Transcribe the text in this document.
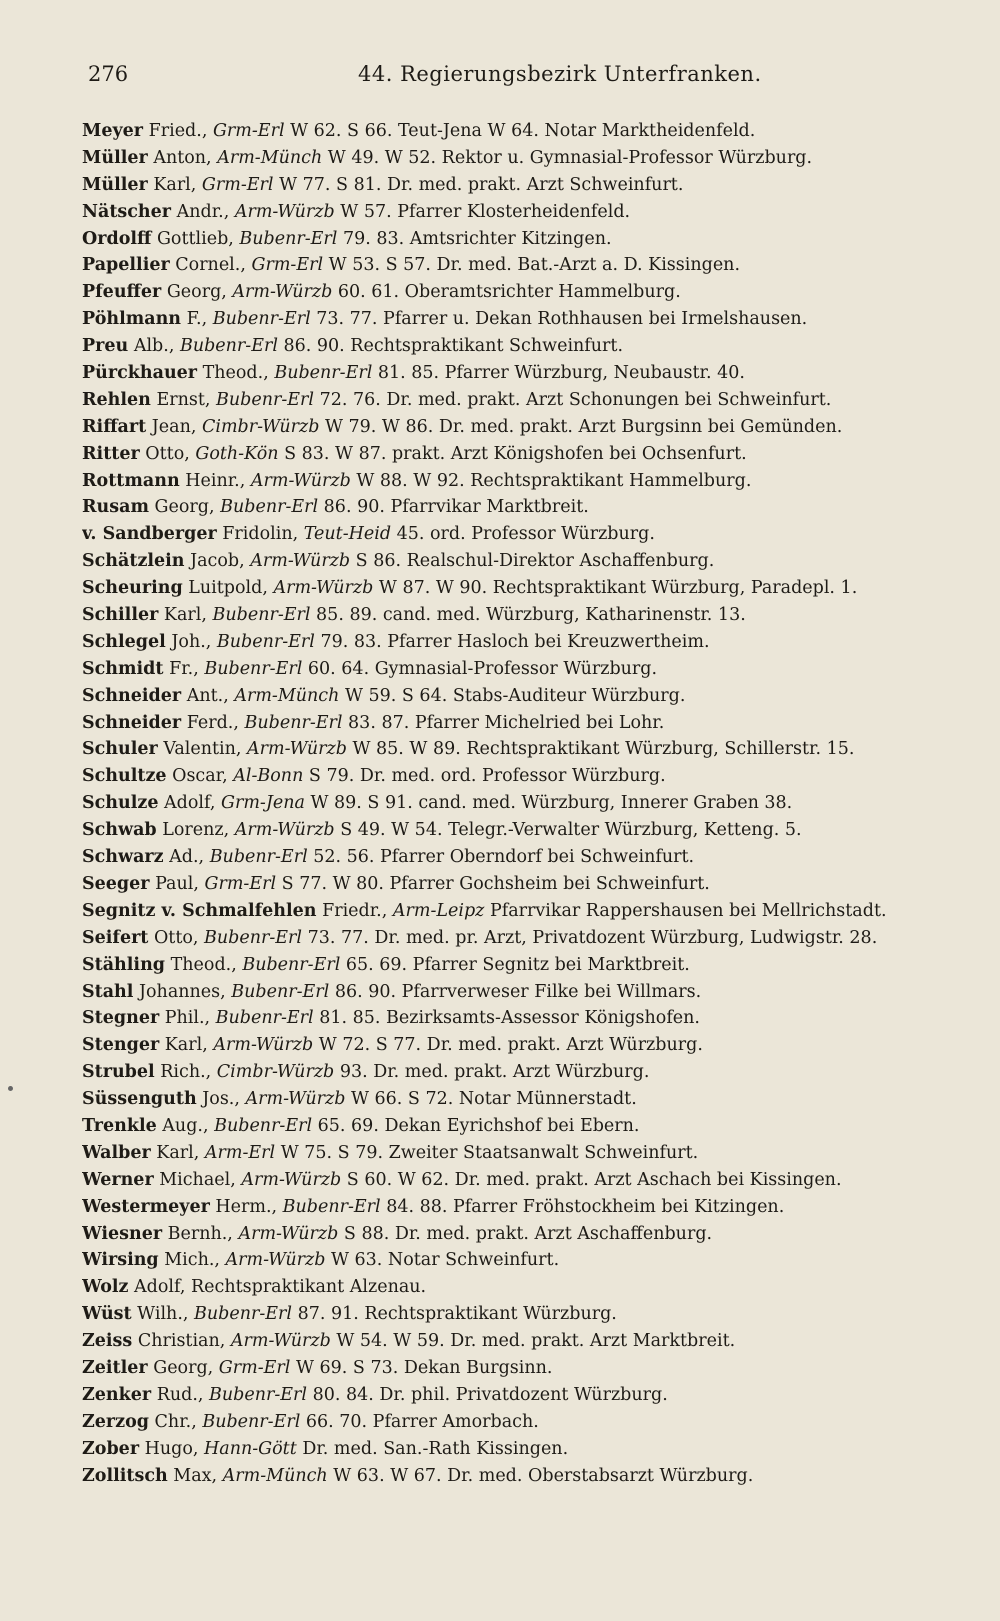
276	44. Regierungsbezirk Unterfranken.
Meyer Fried., Grm-Erl W 62. S 66. Teut-Jena W 64. Notar Marktheidenfeld.
Müller Anton, Arm-Münch W 49. W 52. Rektor u. Gymnasial-Professor Würzburg.
Müller Karl, Grm-Erl W 77. S 81. Dr. med. prakt. Arzt Schweinfurt.
Nätscher Andr., Arm-Würzb W 57. Pfarrer Klosterheidenfeld.
Ordolff Gottlieb, Bubenr-Erl 79. 83. Amtsrichter Kitzingen.
Papellier Cornel., Grm-Erl W 53. S 57. Dr. med. Bat.-Arzt a. D. Kissingen.
Pfeuffer Georg, Arm-Würzb 60. 61. Oberamtsrichter Hammelburg.
Pöhlmann F., Bubenr-Erl 73. 77. Pfarrer u. Dekan Rothhausen bei Irmelshausen.
Preu Alb., Bubenr-Erl 86. 90. Rechtspraktikant Schweinfurt.
Pürckhauer Theod., Bubenr-Erl 81. 85. Pfarrer Würzburg, Neubaustr. 40.
Rehlen Ernst, Bubenr-Erl 72. 76. Dr. med. prakt. Arzt Schonungen bei Schweinfurt.
Riffart Jean, Cimbr-Würzb W 79. W 86. Dr. med. prakt. Arzt Burgsinn bei Gemünden.
Ritter Otto, Goth-Kön S 83. W 87. prakt. Arzt Königshofen bei Ochsenfurt.
Rottmann Heinr., Arm-Würzb W 88. W 92. Rechtspraktikant Hammelburg.
Rusam Georg, Bubenr-Erl 86. 90. Pfarrvikar Marktbreit.
v. Sandberger Fridolin, Teut-Heid 45. ord. Professor Würzburg.
Schätzlein Jacob, Arm-Würzb S 86. Realschul-Direktor Aschaffenburg.
Scheuring Luitpold, Arm-Würzb W 87. W 90. Rechtspraktikant Würzburg, Paradepl. 1.
Schiller Karl, Bubenr-Erl 85. 89. cand. med. Würzburg, Katharinenstr. 13.
Schlegel Joh., Bubenr-Erl 79. 83. Pfarrer Hasloch bei Kreuzwertheim.
Schmidt Fr., Bubenr-Erl 60. 64. Gymnasial-Professor Würzburg.
Schneider Ant., Arm-Münch W 59. S 64. Stabs-Auditeur Würzburg.
Schneider Ferd., Bubenr-Erl 83. 87. Pfarrer Michelried bei Lohr.
Schuler Valentin, Arm-Würzb W 85. W 89. Rechtspraktikant Würzburg, Schillerstr. 15.
Schultze Oscar, Al-Bonn S 79. Dr. med. ord. Professor Würzburg.
Schulze Adolf, Grm-Jena W 89. S 91. cand. med. Würzburg, Innerer Graben 38.
Schwab Lorenz, Arm-Würzb S 49. W 54. Telegr.-Verwalter Würzburg, Ketteng. 5.
Schwarz Ad., Bubenr-Erl 52. 56. Pfarrer Oberndorf bei Schweinfurt.
Seeger Paul, Grm-Erl S 77. W 80. Pfarrer Gochsheim bei Schweinfurt.
Segnitz v. Schmalfehlen Friedr., Arm-Leipz Pfarrvikar Rappershausen bei Mellrichstadt.
Seifert Otto, Bubenr-Erl 73. 77. Dr. med. pr. Arzt, Privatdozent Würzburg, Ludwigstr. 28.
Stähling Theod., Bubenr-Erl 65. 69. Pfarrer Segnitz bei Marktbreit.
Stahl Johannes, Bubenr-Erl 86. 90. Pfarrverweser Filke bei Willmars.
Stegner Phil., Bubenr-Erl 81. 85. Bezirksamts-Assessor Königshofen.
Stenger Karl, Arm-Würzb W 72. S 77. Dr. med. prakt. Arzt Würzburg.
Strubel Rich., Cimbr-Würzb 93. Dr. med. prakt. Arzt Würzburg.
Süssenguth Jos., Arm-Würzb W 66. S 72. Notar Münnerstadt.
Trenkle Aug., Bubenr-Erl 65. 69. Dekan Eyrichshof bei Ebern.
Walber Karl, Arm-Erl W 75. S 79. Zweiter Staatsanwalt Schweinfurt.
Werner Michael, Arm-Würzb S 60. W 62. Dr. med. prakt. Arzt Aschach bei Kissingen.
Westermeyer Herm., Bubenr-Erl 84. 88. Pfarrer Fröhstockheim bei Kitzingen.
Wiesner Bernh., Arm-Würzb S 88. Dr. med. prakt. Arzt Aschaffenburg.
Wirsing Mich., Arm-Würzb W 63. Notar Schweinfurt.
Wolz Adolf, Rechtspraktikant Alzenau.
Wüst Wilh., Bubenr-Erl 87. 91. Rechtspraktikant Würzburg.
Zeiss Christian, Arm-Würzb W 54. W 59. Dr. med. prakt. Arzt Marktbreit.
Zeitler Georg, Grm-Erl W 69. S 73. Dekan Burgsinn.
Zenker Rud., Bubenr-Erl 80. 84. Dr. phil. Privatdozent Würzburg.
Zerzog Chr., Bubenr-Erl 66. 70. Pfarrer Amorbach.
Zober Hugo, Hann-Gött Dr. med. San.-Rath Kissingen.
Zollitsch Max, Arm-Münch W 63. W 67. Dr. med. Oberstabsarzt Würzburg.
